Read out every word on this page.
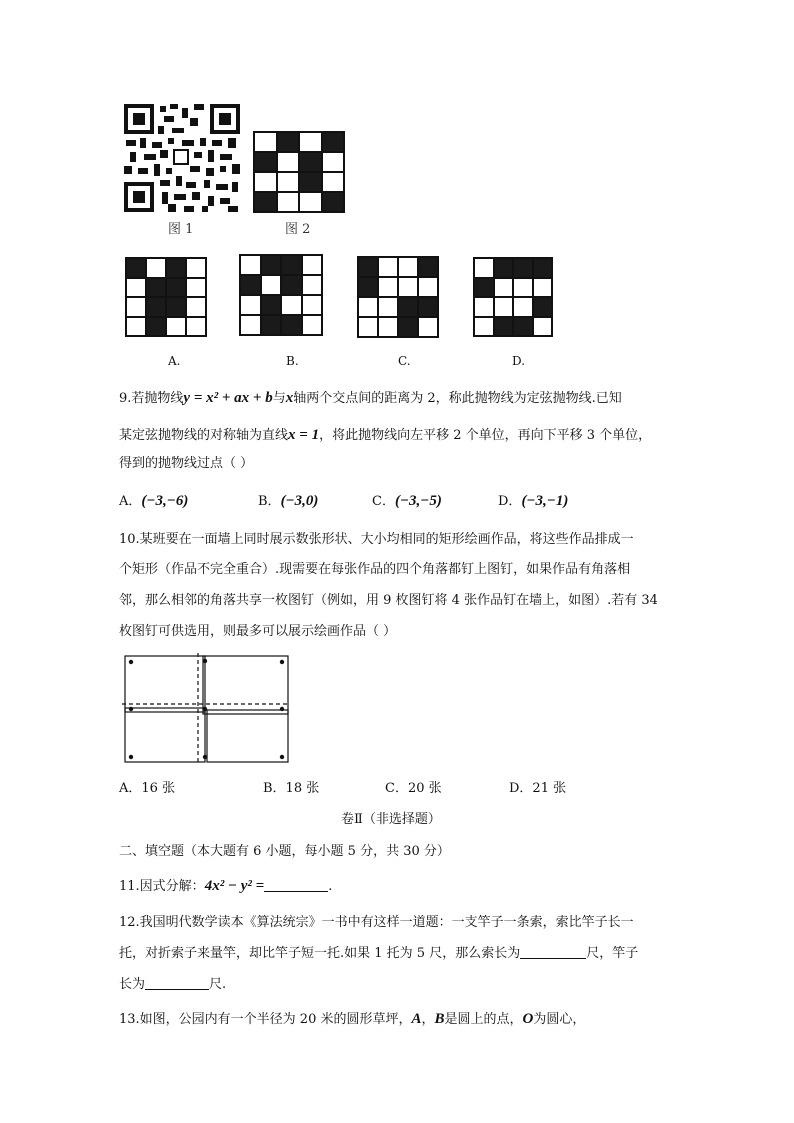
图 1	图 2
A.	B.	C.	D.
9.若抛物线y = x² + ax + b与x轴两个交点间的距离为 2，称此抛物线为定弦抛物线.已知
某定弦抛物线的对称轴为直线x = 1，将此抛物线向左平移 2 个单位，再向下平移 3 个单位，
得到的抛物线过点（ ）
A．(−3,−6)	B．(−3,0)	C．(−3,−5)	D．(−3,−1)
10.某班要在一面墙上同时展示数张形状、大小均相同的矩形绘画作品，将这些作品排成一
个矩形（作品不完全重合）.现需要在每张作品的四个角落都钉上图钉，如果作品有角落相
邻，那么相邻的角落共享一枚图钉（例如，用 9 枚图钉将 4 张作品钉在墙上，如图）.若有 34
枚图钉可供选用，则最多可以展示绘画作品（ ）
A．16 张	B．18 张	C．20 张	D．21 张
卷Ⅱ（非选择题）
二、填空题（本大题有 6 小题，每小题 5 分，共 30 分）
11.因式分解：4x² − y² =	.
12.我国明代数学读本《算法统宗》一书中有这样一道题：一支竿子一条索，索比竿子长一
托，对折索子来量竿，却比竿子短一托.如果 1 托为 5 尺，那么索长为	尺，竿子
长为	尺.
13.如图，公园内有一个半径为 20 米的圆形草坪，A，B是圆上的点，O为圆心，
